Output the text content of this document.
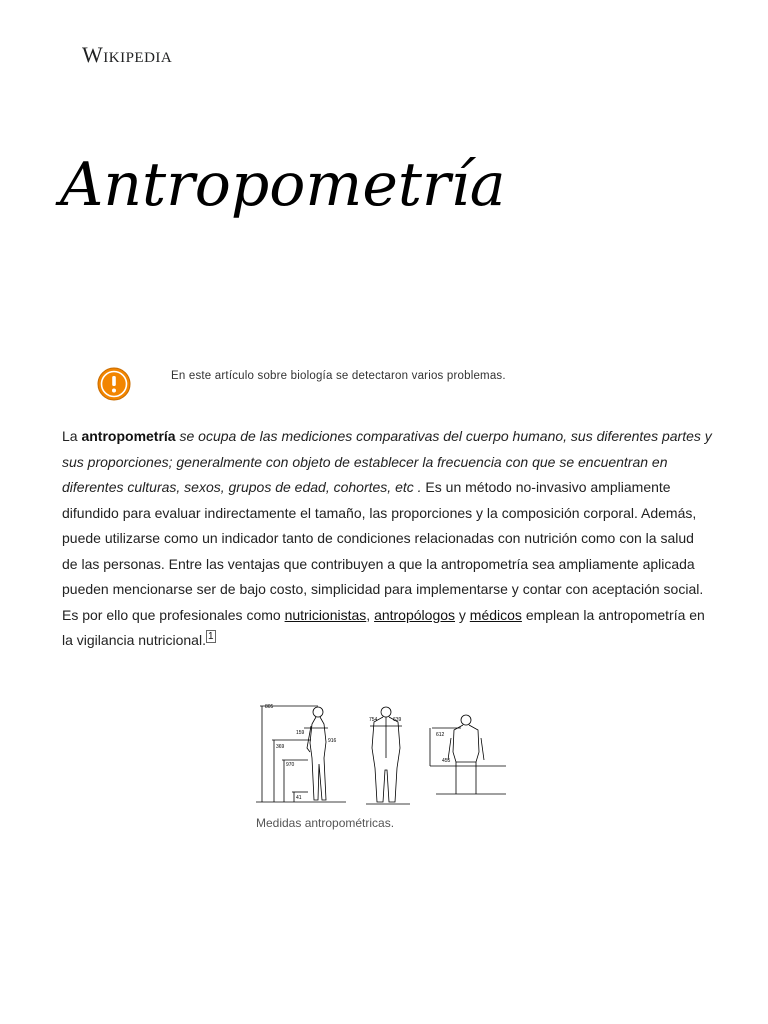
Wikipedia
Antropometría
En este artículo sobre biología se detectaron varios problemas.

La antropometría se ocupa de las mediciones comparativas del cuerpo humano, sus diferentes partes y sus proporciones; generalmente con objeto de establecer la frecuencia con que se encuentran en diferentes culturas, sexos, grupos de edad, cohortes, etc . Es un método no-invasivo ampliamente difundido para evaluar indirectamente el tamaño, las proporciones y la composición corporal. Además, puede utilizarse como un indicador tanto de condiciones relacionadas con nutrición como con la salud de las personas. Entre las ventajas que contribuyen a que la antropometría sea ampliamente aplicada pueden mencionarse ser de bajo costo, simplicidad para implementarse y contar con aceptación social. Es por ello que profesionales como nutricionistas, antropólogos y médicos emplean la antropometría en la vigilancia nutricional. $^1$

805
159
916
369
970
41
754	639
612
455
Medidas antropométricas.
